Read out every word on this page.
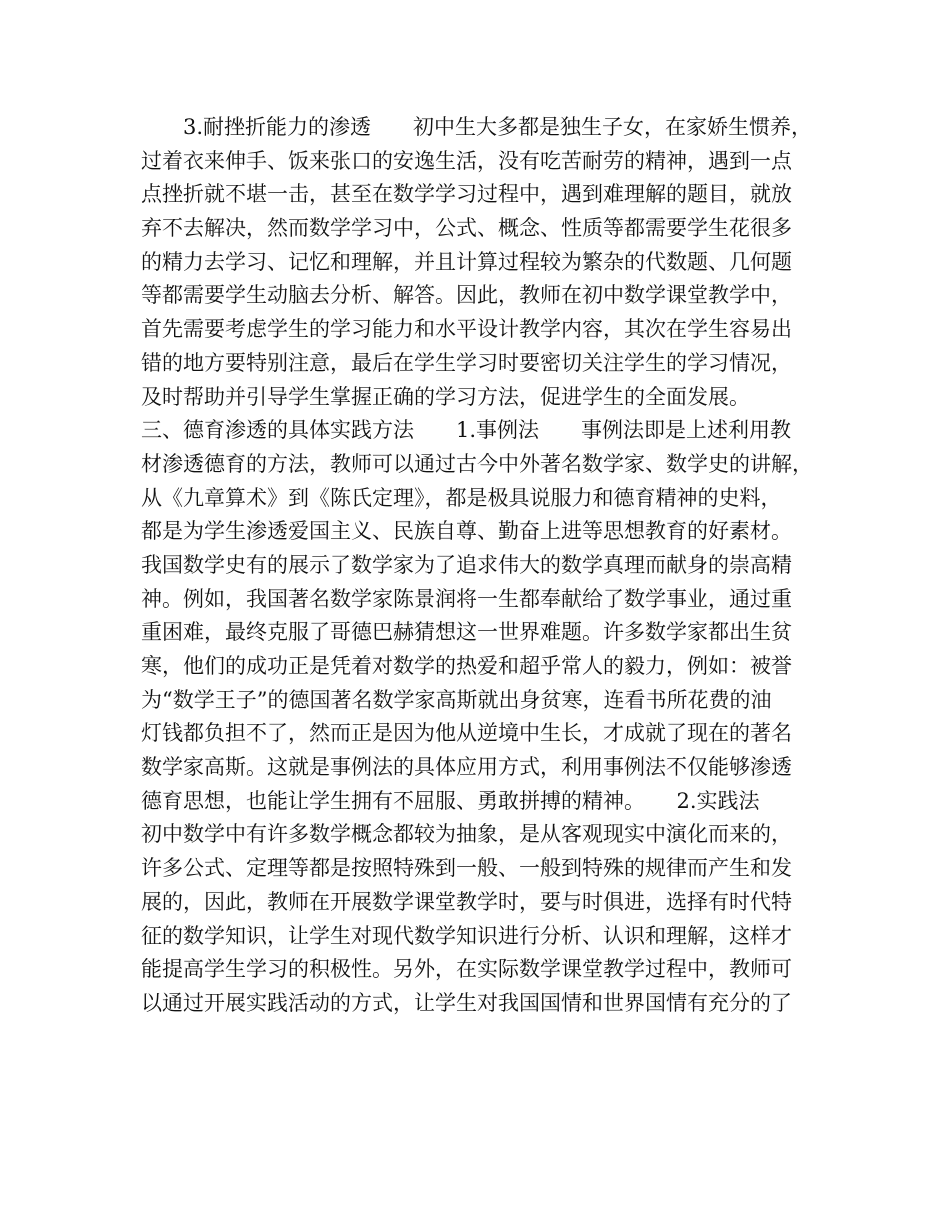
3.耐挫折能力的渗透　　初中生大多都是独生子女，在家娇生惯养，
过着衣来伸手、饭来张口的安逸生活，没有吃苦耐劳的精神，遇到一点
点挫折就不堪一击，甚至在数学学习过程中，遇到难理解的题目，就放
弃不去解决，然而数学学习中，公式、概念、性质等都需要学生花很多
的精力去学习、记忆和理解，并且计算过程较为繁杂的代数题、几何题
等都需要学生动脑去分析、解答。因此，教师在初中数学课堂教学中，
首先需要考虑学生的学习能力和水平设计教学内容，其次在学生容易出
错的地方要特别注意，最后在学生学习时要密切关注学生的学习情况，
及时帮助并引导学生掌握正确的学习方法，促进学生的全面发展。
三、德育渗透的具体实践方法　　1.事例法　　事例法即是上述利用教
材渗透德育的方法，教师可以通过古今中外著名数学家、数学史的讲解，
从《九章算术》到《陈氏定理》，都是极具说服力和德育精神的史料，
都是为学生渗透爱国主义、民族自尊、勤奋上进等思想教育的好素材。
我国数学史有的展示了数学家为了追求伟大的数学真理而献身的崇高精
神。例如，我国著名数学家陈景润将一生都奉献给了数学事业，通过重
重困难，最终克服了哥德巴赫猜想这一世界难题。许多数学家都出生贫
寒，他们的成功正是凭着对数学的热爱和超乎常人的毅力，例如：被誉
为“数学王子”的德国著名数学家高斯就出身贫寒，连看书所花费的油
灯钱都负担不了，然而正是因为他从逆境中生长，才成就了现在的著名
数学家高斯。这就是事例法的具体应用方式，利用事例法不仅能够渗透
德育思想，也能让学生拥有不屈服、勇敢拼搏的精神。　　2.实践法
初中数学中有许多数学概念都较为抽象，是从客观现实中演化而来的，
许多公式、定理等都是按照特殊到一般、一般到特殊的规律而产生和发
展的，因此，教师在开展数学课堂教学时，要与时俱进，选择有时代特
征的数学知识，让学生对现代数学知识进行分析、认识和理解，这样才
能提高学生学习的积极性。另外，在实际数学课堂教学过程中，教师可
以通过开展实践活动的方式，让学生对我国国情和世界国情有充分的了
